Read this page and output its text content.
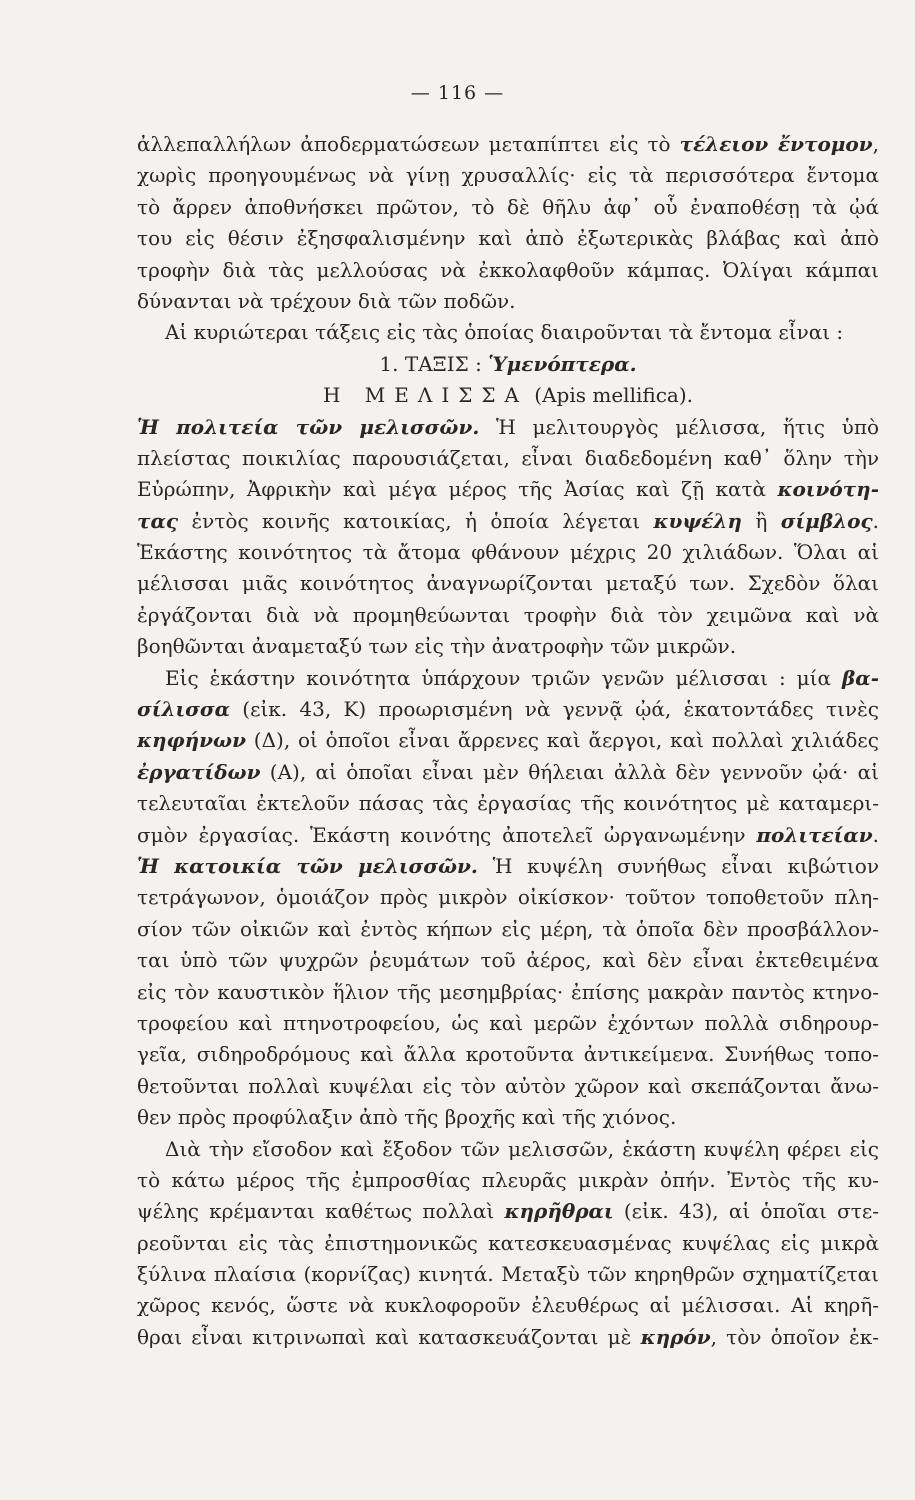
— 116 —
ἀλλεπαλλήλων ἀποδερματώσεων μεταπίπτει εἰς τὸ τέλειον ἔντομον,
χωρὶς προηγουμένως νὰ γίνῃ χρυσαλλίς· εἰς τὰ περισσότερα ἔντομα
τὸ ἄρρεν ἀποθνήσκει πρῶτον, τὸ δὲ θῆλυ ἀφ᾿ οὗ ἐναποθέσῃ τὰ ᾠά
του εἰς θέσιν ἐξησφαλισμένην καὶ ἀπὸ ἐξωτερικὰς βλάβας καὶ ἀπὸ
τροφὴν διὰ τὰς μελλούσας νὰ ἐκκολαφθοῦν κάμπας. Ὀλίγαι κάμπαι
δύνανται νὰ τρέχουν διὰ τῶν ποδῶν.
Αἱ κυριώτεραι τάξεις εἰς τὰς ὁποίας διαιροῦνται τὰ ἔντομα εἶναι :
1. ΤΑΞΙΣ : Ὑμενόπτερα.
Η ΜΕΛΙΣΣΑ (Apis mellifica).
Ἡ πολιτεία τῶν μελισσῶν. Ἡ μελιτουργὸς μέλισσα, ἥτις ὑπὸ
πλείστας ποικιλίας παρουσιάζεται, εἶναι διαδεδομένη καθ᾿ ὅλην τὴν
Εὐρώπην, Ἀφρικὴν καὶ μέγα μέρος τῆς Ἀσίας καὶ ζῇ κατὰ κοινότη-
τας ἐντὸς κοινῆς κατοικίας, ἡ ὁποία λέγεται κυψέλη ἢ σίμβλος.
Ἑκάστης κοινότητος τὰ ἄτομα φθάνουν μέχρις 20 χιλιάδων. Ὅλαι αἱ
μέλισσαι μιᾶς κοινότητος ἀναγνωρίζονται μεταξύ των. Σχεδὸν ὅλαι
ἐργάζονται διὰ νὰ προμηθεύωνται τροφὴν διὰ τὸν χειμῶνα καὶ νὰ
βοηθῶνται ἀναμεταξύ των εἰς τὴν ἀνατροφὴν τῶν μικρῶν.
Εἰς ἑκάστην κοινότητα ὑπάρχουν τριῶν γενῶν μέλισσαι : μία βα-
σίλισσα (εἰκ. 43, Κ) προωρισμένη νὰ γεννᾷ ᾠά, ἑκατοντάδες τινὲς
κηφήνων (Δ), οἱ ὁποῖοι εἶναι ἄρρενες καὶ ἄεργοι, καὶ πολλαὶ χιλιάδες
ἐργατίδων (Α), αἱ ὁποῖαι εἶναι μὲν θήλειαι ἀλλὰ δὲν γεννοῦν ᾠά· αἱ
τελευταῖαι ἐκτελοῦν πάσας τὰς ἐργασίας τῆς κοινότητος μὲ καταμερι-
σμὸν ἐργασίας. Ἑκάστη κοινότης ἀποτελεῖ ὠργανωμένην πολιτείαν.
Ἡ κατοικία τῶν μελισσῶν. Ἡ κυψέλη συνήθως εἶναι κιβώτιον
τετράγωνον, ὁμοιάζον πρὸς μικρὸν οἰκίσκον· τοῦτον τοποθετοῦν πλη-
σίον τῶν οἰκιῶν καὶ ἐντὸς κήπων εἰς μέρη, τὰ ὁποῖα δὲν προσβάλλον-
ται ὑπὸ τῶν ψυχρῶν ῥευμάτων τοῦ ἀέρος, καὶ δὲν εἶναι ἐκτεθειμένα
εἰς τὸν καυστικὸν ἥλιον τῆς μεσημβρίας· ἐπίσης μακρὰν παντὸς κτηνο-
τροφείου καὶ πτηνοτροφείου, ὡς καὶ μερῶν ἐχόντων πολλὰ σιδηρουρ-
γεῖα, σιδηροδρόμους καὶ ἄλλα κροτοῦντα ἀντικείμενα. Συνήθως τοπο-
θετοῦνται πολλαὶ κυψέλαι εἰς τὸν αὐτὸν χῶρον καὶ σκεπάζονται ἄνω-
θεν πρὸς προφύλαξιν ἀπὸ τῆς βροχῆς καὶ τῆς χιόνος.
Διὰ τὴν εἴσοδον καὶ ἔξοδον τῶν μελισσῶν, ἑκάστη κυψέλη φέρει εἰς
τὸ κάτω μέρος τῆς ἐμπροσθίας πλευρᾶς μικρὰν ὀπήν. Ἐντὸς τῆς κυ-
ψέλης κρέμανται καθέτως πολλαὶ κηρῆθραι (εἰκ. 43), αἱ ὁποῖαι στε-
ρεοῦνται εἰς τὰς ἐπιστημονικῶς κατεσκευασμένας κυψέλας εἰς μικρὰ
ξύλινα πλαίσια (κορνίζας) κινητά. Μεταξὺ τῶν κηρηθρῶν σχηματίζεται
χῶρος κενός, ὥστε νὰ κυκλοφοροῦν ἐλευθέρως αἱ μέλισσαι. Αἱ κηρῆ-
θραι εἶναι κιτρινωπαὶ καὶ κατασκευάζονται μὲ κηρόν, τὸν ὁποῖον ἐκ-
